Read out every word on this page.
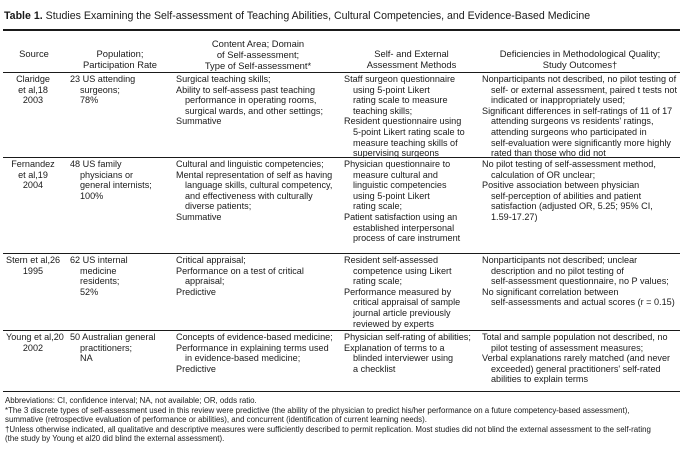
Table 1. Studies Examining the Self-assessment of Teaching Abilities, Cultural Competencies, and Evidence-Based Medicine
Source	Population;
Participation Rate
Content Area; Domain
of Self-assessment;
Type of Self-assessment*
Self- and External
Assessment Methods
Deficiencies in Methodological Quality;
Study Outcomes†
Claridge
et al,18
2003
23 US attending
surgeons;
78%
Surgical teaching skills;
Ability to self-assess past teaching
performance in operating rooms,
surgical wards, and other settings;
Summative
Staff surgeon questionnaire
using 5-point Likert
rating scale to measure
teaching skills;
Resident questionnaire using
5-point Likert rating scale to
measure teaching skills of
supervising surgeons
Nonparticipants not described, no pilot testing of
self- or external assessment, paired t tests not
indicated or inappropriately used;
Significant differences in self-ratings of 11 of 17
attending surgeons vs residents' ratings,
attending surgeons who participated in
self-evaluation were significantly more highly
rated than those who did not
Fernandez
et al,19
2004
48 US family
physicians or
general internists;
100%
Cultural and linguistic competencies;
Mental representation of self as having
language skills, cultural competency,
and effectiveness with culturally
diverse patients;
Summative
Physician questionnaire to
measure cultural and
linguistic competencies
using 5-point Likert
rating scale;
Patient satisfaction using an
established interpersonal
process of care instrument
No pilot testing of self-assessment method,
calculation of OR unclear;
Positive association between physician
self-perception of abilities and patient
satisfaction (adjusted OR, 5.25; 95% CI,
1.59-17.27)
Stern et al,26
1995
62 US internal
medicine
residents;
52%
Critical appraisal;
Performance on a test of critical
appraisal;
Predictive
Resident self-assessed
competence using Likert
rating scale;
Performance measured by
critical appraisal of sample
journal article previously
reviewed by experts
Nonparticipants not described; unclear
description and no pilot testing of
self-assessment questionnaire, no P values;
No significant correlation between
self-assessments and actual scores (r = 0.15)
Young et al,20
2002
50 Australian general
practitioners;
NA
Concepts of evidence-based medicine;
Performance in explaining terms used
in evidence-based medicine;
Predictive
Physician self-rating of abilities;
Explanation of terms to a
blinded interviewer using
a checklist
Total and sample population not described, no
pilot testing of assessment measures;
Verbal explanations rarely matched (and never
exceeded) general practitioners' self-rated
abilities to explain terms
Abbreviations: CI, confidence interval; NA, not available; OR, odds ratio.
*The 3 discrete types of self-assessment used in this review were predictive (the ability of the physician to predict his/her performance on a future competency-based assessment),
summative (retrospective evaluation of performance or abilities), and concurrent (identification of current learning needs).
†Unless otherwise indicated, all qualitative and descriptive measures were sufficiently described to permit replication. Most studies did not blind the external assessment to the self-rating
(the study by Young et al20 did blind the external assessment).
